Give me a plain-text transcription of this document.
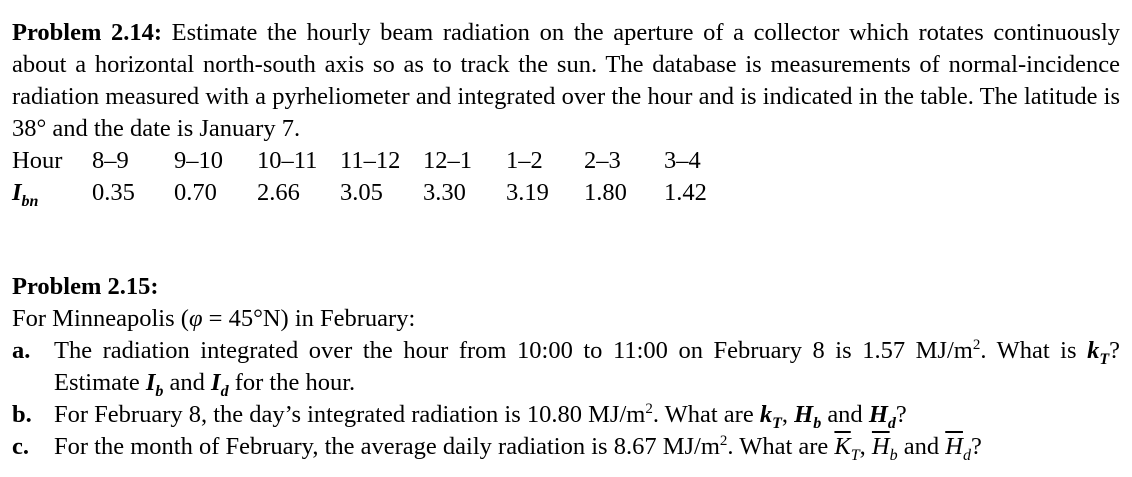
Problem 2.14: Estimate the hourly beam radiation on the aperture of a collector which rotates continuously about a horizontal north-south axis so as to track the sun. The database is measurements of normal-incidence radiation measured with a pyrheliometer and integrated over the hour and is indicated in the table. The latitude is 38° and the date is January 7.
Hour 8–9 9–10 10–11 11–12 12–1 1–2 2–3 3–4
$I_{bn}$ 0.35 0.70 2.66 3.05 3.30 3.19 1.80 1.42
Problem 2.15:
For Minneapolis (φ = 45°N) in February:
a. The radiation integrated over the hour from 10:00 to 11:00 on February 8 is 1.57 $MJ/m^2$. What is $k_T$? Estimate $I_b$ and $I_d$ for the hour.
b. For February 8, the day’s integrated radiation is 10.80 $MJ/m^2$. What are $k_T$, $H_b$ and $H_d$?
c. For the month of February, the average daily radiation is 8.67 $MJ/m^2$. What are $\overline{K}_T$, $\overline{H}_b$ and $\overline{H}_d$?
